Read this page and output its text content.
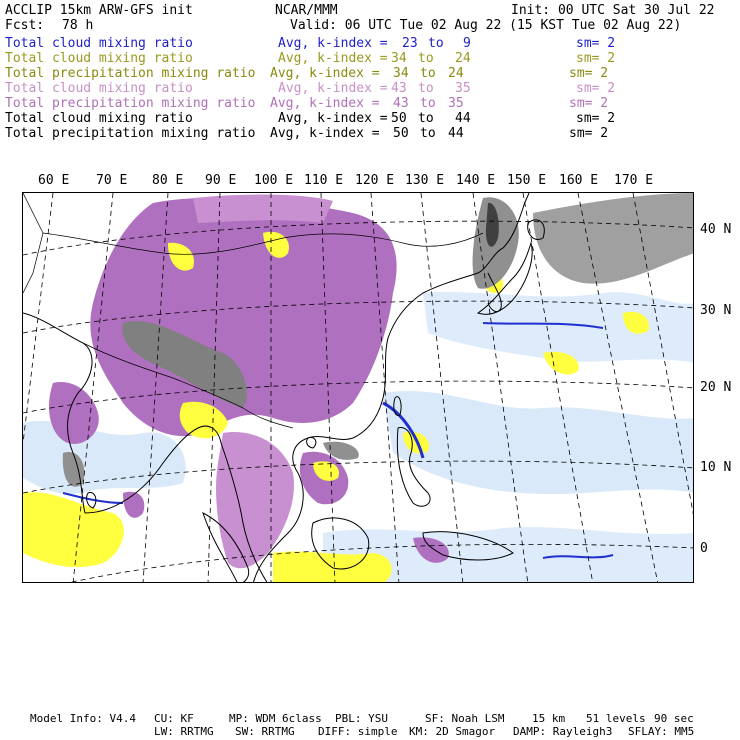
ACCLIP 15km ARW-GFS init	NCAR/MMM	Init: 00 UTC Sat 30 Jul 22
Fcst: 78 h	Valid: 06 UTC Tue 02 Aug 22 (15 KST Tue 02 Aug 22)
Total cloud mixing ratio	Avg, k-index = 23 to 9	sm= 2
Total cloud mixing ratio	Avg, k-index = 34 to 24	sm= 2
Total precipitation mixing ratio Avg, k-index = 34 to 24	sm= 2
Total cloud mixing ratio	Avg, k-index = 43 to 35	sm= 2
Total precipitation mixing ratio Avg, k-index = 43 to 35	sm= 2
Total cloud mixing ratio	Avg, k-index = 50 to 44	sm= 2
Total precipitation mixing ratio Avg, k-index = 50 to 44	sm= 2
60 E 70 E 80 E 90 E 100 E 110 E 120 E 130 E 140 E 150 E 160 E 170 E
40 N
30 N
20 N
10 N
0
Model Info: V4.4 CU: KF	MP: WDM 6class PBL: YSU	SF: Noah LSM	15 km 51 levels 90 sec
LW: RRTMG SW: RRTMG DIFF: simple KM: 2D Smagor DAMP: Rayleigh3 SFLAY: MM5
